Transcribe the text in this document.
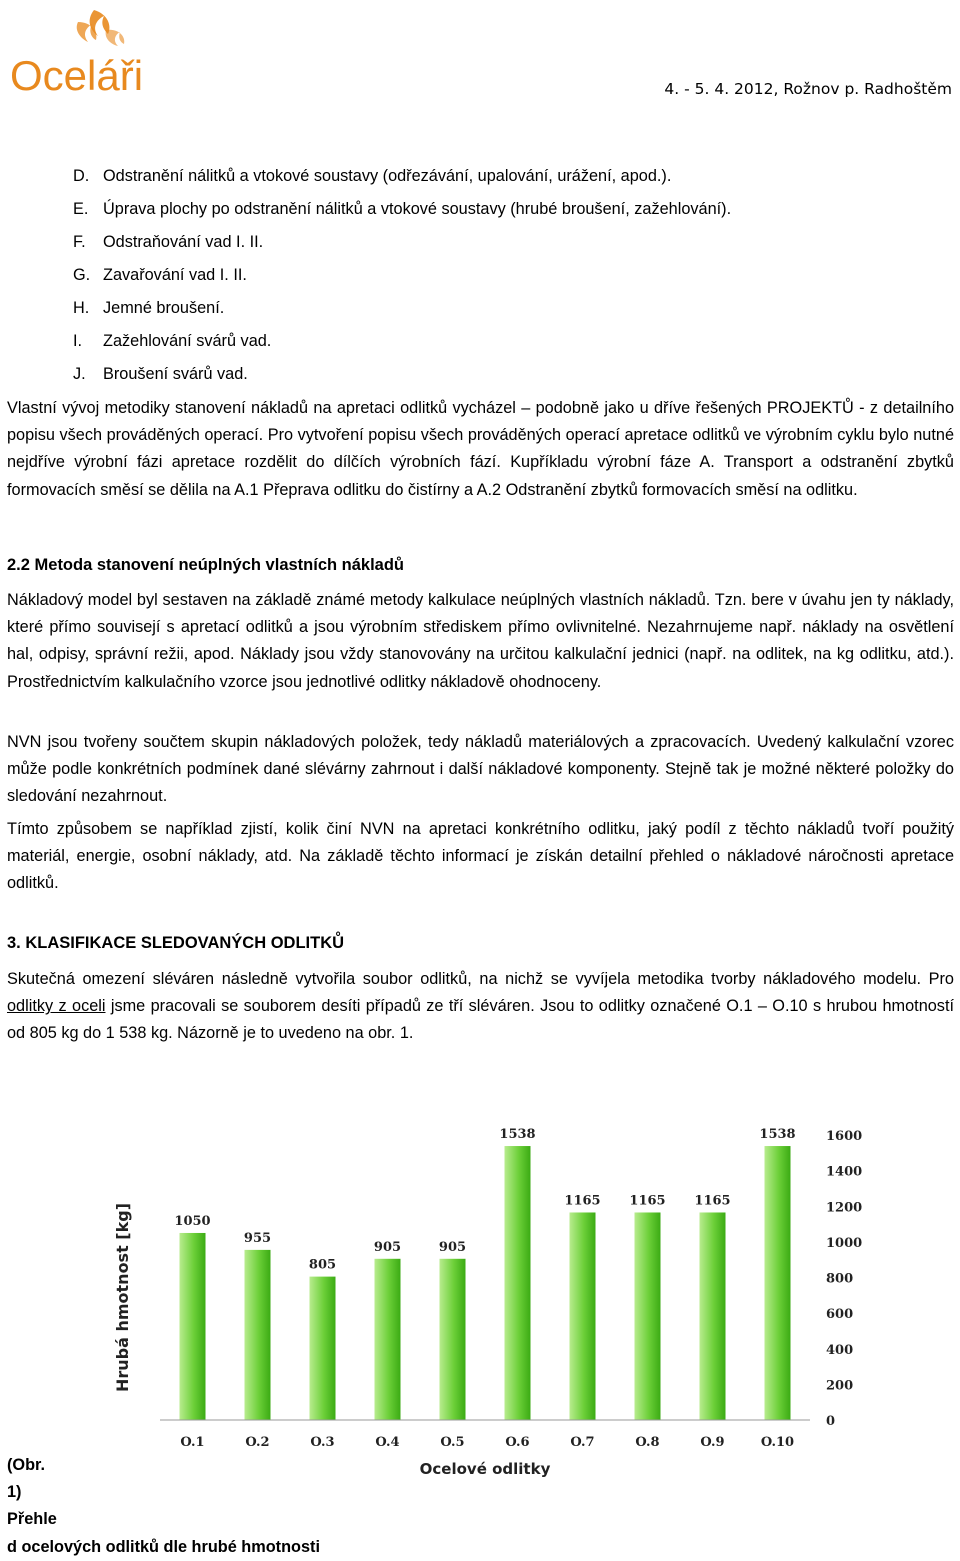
Oceláři	4. - 5. 4. 2012, Rožnov p. Radhoštěm
D. Odstranění nálitků a vtokové soustavy (odřezávání, upalování, urážení, apod.).
E. Úprava plochy po odstranění nálitků a vtokové soustavy (hrubé broušení, zažehlování).
F. Odstraňování vad I. II.
G. Zavařování vad I. II.
H. Jemné broušení.
I. Zažehlování svárů vad.
J. Broušení svárů vad.

Vlastní vývoj metodiky stanovení nákladů na apretaci odlitků vycházel – podobně jako u dříve řešených PROJEKTŮ - z detailního popisu všech prováděných operací. Pro vytvoření popisu všech prováděných operací apretace odlitků ve výrobním cyklu bylo nutné nejdříve výrobní fázi apretace rozdělit do dílčích výrobních fází. Kupříkladu výrobní fáze A. Transport a odstranění zbytků formovacích směsí se dělila na A.1 Přeprava odlitku do čistírny a A.2 Odstranění zbytků formovacích směsí na odlitku.

2.2 Metoda stanovení neúplných vlastních nákladů

Nákladový model byl sestaven na základě známé metody kalkulace neúplných vlastních nákladů. Tzn. bere v úvahu jen ty náklady, které přímo souvisejí s apretací odlitků a jsou výrobním střediskem přímo ovlivnitelné. Nezahrnujeme např. náklady na osvětlení hal, odpisy, správní režii, apod. Náklady jsou vždy stanovovány na určitou kalkulační jednici (např. na odlitek, na kg odlitku, atd.). Prostřednictvím kalkulačního vzorce jsou jednotlivé odlitky nákladově ohodnoceny.

NVN jsou tvořeny součtem skupin nákladových položek, tedy nákladů materiálových a zpracovacích. Uvedený kalkulační vzorec může podle konkrétních podmínek dané slévárny zahrnout i další nákladové komponenty. Stejně tak je možné některé položky do sledování nezahrnout.

Tímto způsobem se například zjistí, kolik činí NVN na apretaci konkrétního odlitku, jaký podíl z těchto nákladů tvoří použitý materiál, energie, osobní náklady, atd. Na základě těchto informací je získán detailní přehled o nákladové náročnosti apretace odlitků.

3. KLASIFIKACE SLEDOVANÝCH ODLITKŮ

Skutečná omezení sléváren následně vytvořila soubor odlitků, na nichž se vyvíjela metodika tvorby nákladového modelu. Pro odlitky z oceli jsme pracovali se souborem desíti případů ze tří sléváren. Jsou to odlitky označené O.1 – O.10 s hrubou hmotností od 805 kg do 1 538 kg. Názorně je to uvedeno na obr. 1.

1050
955
805
905	905
1538
1165 1165 1165
1538
O.1	O.2	O.3	O.4	O.5	O.6	O.7	O.8	O.9	O.10
0
200
400
600
800
1000
1200
1400
1600
Hrubá hmotnost [kg]
Ocelové odlitky
(Obr.
1)
Přehle
d ocelových odlitků dle hrubé hmotnosti
